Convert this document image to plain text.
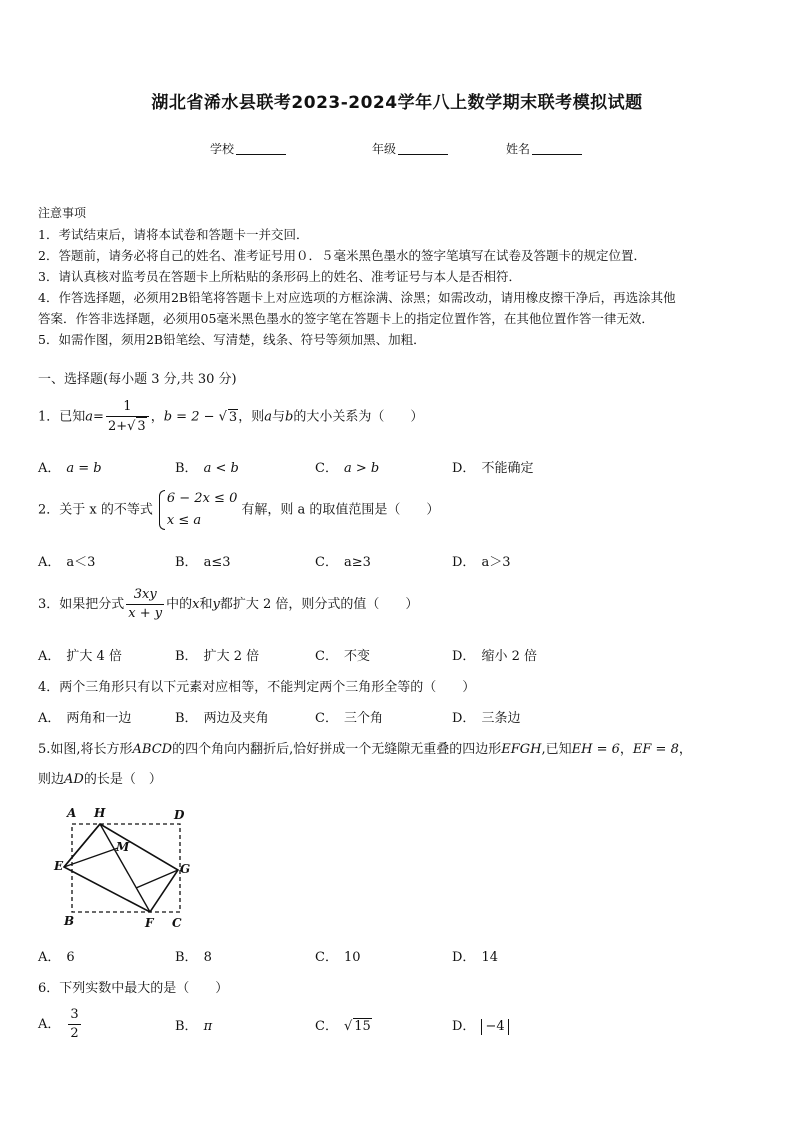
湖北省浠水县联考2023-2024学年八上数学期末联考模拟试题
学校	年级	姓名
注意事项
1．考试结束后，请将本试卷和答题卡一并交回．
2．答题前，请务必将自己的姓名、准考证号用０．５毫米黑色墨水的签字笔填写在试卷及答题卡的规定位置．
3．请认真核对监考员在答题卡上所粘贴的条形码上的姓名、准考证号与本人是否相符．
4．作答选择题，必须用2B铅笔将答题卡上对应选项的方框涂满、涂黑；如需改动，请用橡皮擦干净后，再选涂其他
答案．作答非选择题，必须用05毫米黑色墨水的签字笔在答题卡上的指定位置作答，在其他位置作答一律无效．
5．如需作图，须用2B铅笔绘、写清楚，线条、符号等须加黑、加粗．
一、选择题(每小题 3 分,共 30 分)
1．已知$a= \frac{1}{2+√ 3}$ ，b = 2 − √ 3，则a与b的大小关系为（　　）
A． a = b	B． a < b	C． a > b	D． 不能确定
2．关于 x 的不等式
6 − 2x ≤ 0
x ≤ a
有解，则 a 的取值范围是（　　）
A． a＜3	B． a≤3	C． a≥3	D． a＞3
3．如果把分式 $\frac{3xy}{x + y}$ 中的x和y都扩大 2 倍，则分式的值（　　）
A． 扩大 4 倍	B． 扩大 2 倍	C． 不变	D． 缩小 2 倍
4．两个三角形只有以下元素对应相等，不能判定两个三角形全等的（　　）
A． 两角和一边	B． 两边及夹角	C． 三个角	D． 三条边
5.如图,将长方形ABCD的四个角向内翻折后,恰好拼成一个无缝隙无重叠的四边形EFGH,已知EH = 6，EF = 8，
则边AD的长是（　）
A H	D
M
E	G
B	F C
A． 6	B． 8	C． 10	D． 14
6．下列实数中最大的是（　　）
A． $\frac{3}{2}$	B． π	C． √ 15	D． −4
